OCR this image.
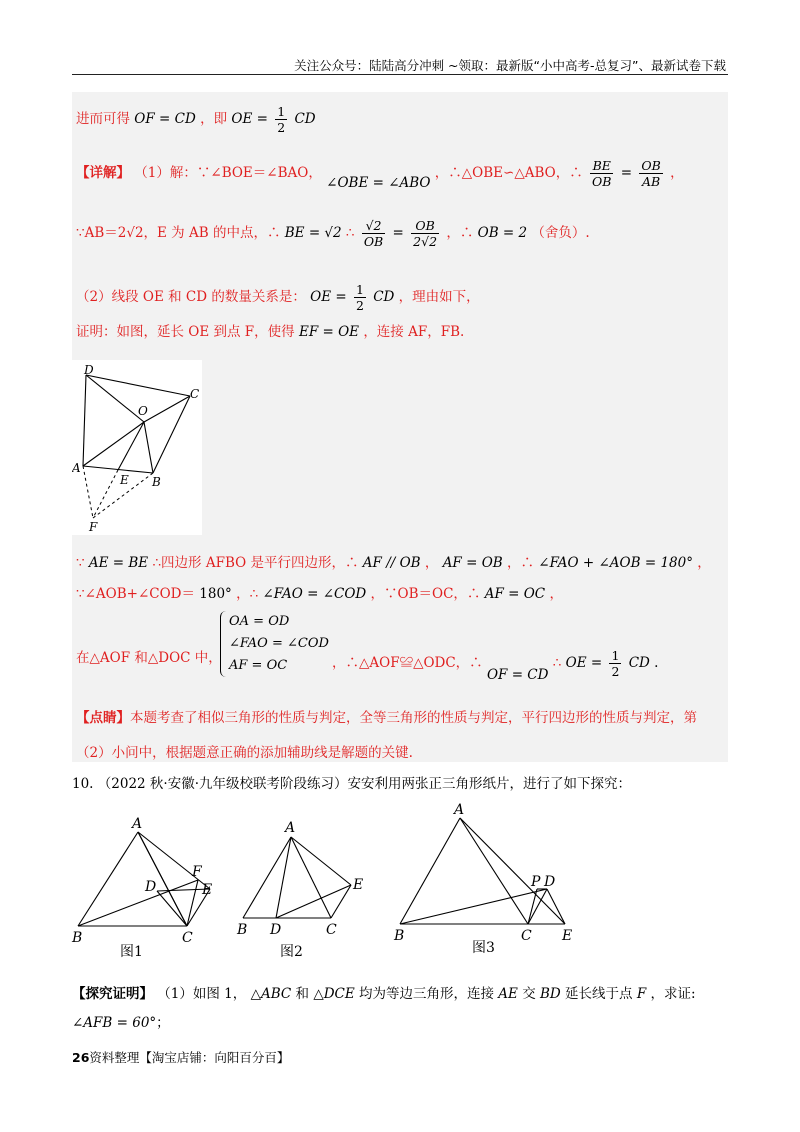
关注公众号：陆陆高分冲刺 ~领取：最新版“小中高考-总复习”、最新试卷下载
进而可得 OF = CD ，即 OE = $\frac{1}{2}$ CD
【详解】 （1）解：∵∠BOE＝∠BAO， ∠OBE = ∠ABO ，∴△OBE∽△ABO，∴ $\frac{BE}{OB} = \frac{OB}{AB}$ ，
∵AB＝2√2，E 为 AB 的中点，∴ BE = √2 ∴ $\frac{√2}{OB} = \frac{OB}{2√2}$ ，∴ OB = 2 （舍负）.
（2）线段 OE 和 CD 的数量关系是： OE = $\frac{1}{2}$ CD ，理由如下，
证明：如图，延长 OE 到点 F，使得 EF = OE ，连接 AF，FB.
D
C
O
A
E B
F
∵ AE = BE ∴四边形 AFBO 是平行四边形，∴ AF // OB ， AF = OB ，∴ ∠FAO + ∠AOB = 180° ，
∵∠AOB+∠COD＝ 180° ，∴ ∠FAO = ∠COD ，∵OB＝OC，∴ AF = OC ，
在△AOF 和△DOC 中，
OA = OD
∠FAO = ∠COD
AF = OC	，∴△AOF≌△ODC，∴ OF = CD ∴ OE = $\frac{1}{2}$ CD .
【点睛】本题考查了相似三角形的性质与判定，全等三角形的性质与判定，平行四边形的性质与判定，第
（2）小问中，根据题意正确的添加辅助线是解题的关键.
10. （2022 秋·安徽·九年级校联考阶段练习）安安利用两张正三角形纸片，进行了如下探究：
A
B	C
D	E
F
图1
A
B	C
D
E
图2
A
B	C E
P D
图3
【探究证明】 （1）如图 1， △ABC 和 △DCE 均为等边三角形，连接 AE 交 BD 延长线于点 F ，求证:
∠AFB = 60°；
26资料整理【淘宝店铺：向阳百分百】
